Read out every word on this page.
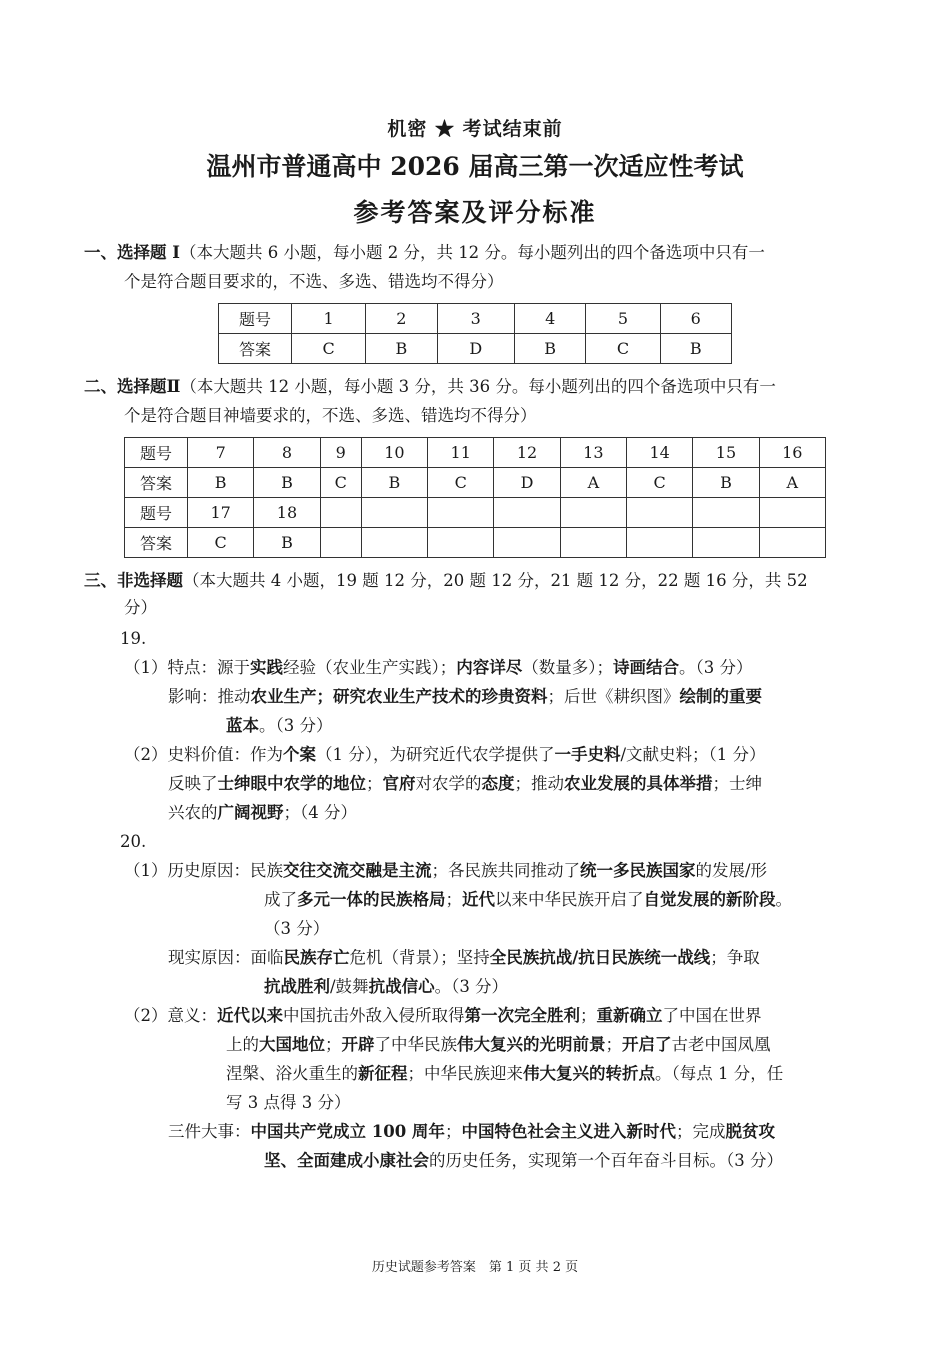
机密 ★ 考试结束前
温州市普通高中 2026 届高三第一次适应性考试
参考答案及评分标准
一、选择题 I（本大题共 6 小题，每小题 2 分，共 12 分。每小题列出的四个备选项中只有一
个是符合题目要求的，不选、多选、错选均不得分）
题号	1	2	3	4	5	6
答案	C	B	D	B	C	B
二、选择题Ⅱ（本大题共 12 小题，每小题 3 分，共 36 分。每小题列出的四个备选项中只有一
个是符合题目神墙要求的，不选、多选、错选均不得分）
题号	7	8	9	10	11	12	13	14	15	16
答案	B	B	C	B	C	D	A	C	B	A
题号	17	18								
答案	C	B								
三、非选择题（本大题共 4 小题，19 题 12 分，20 题 12 分，21 题 12 分，22 题 16 分，共 52
分）
19.
（1）特点：源于实践经验（农业生产实践）；内容详尽（数量多）；诗画结合。（3 分）
影响：推动农业生产；研究农业生产技术的珍贵资料；后世《耕织图》绘制的重要
蓝本。（3 分）
（2）史料价值：作为个案（1 分），为研究近代农学提供了一手史料/文献史料；（1 分）
反映了士绅眼中农学的地位；官府对农学的态度；推动农业发展的具体举措；士绅
兴农的广阔视野；（4 分）
20.
（1）历史原因：民族交往交流交融是主流；各民族共同推动了统一多民族国家的发展/形
成了多元一体的民族格局；近代以来中华民族开启了自觉发展的新阶段。
（3 分）
现实原因：面临民族存亡危机（背景）；坚持全民族抗战/抗日民族统一战线；争取
抗战胜利/鼓舞抗战信心。（3 分）
（2）意义：近代以来中国抗击外敌入侵所取得第一次完全胜利；重新确立了中国在世界
上的大国地位；开辟了中华民族伟大复兴的光明前景；开启了古老中国凤凰
涅槃、浴火重生的新征程；中华民族迎来伟大复兴的转折点。（每点 1 分，任
写 3 点得 3 分）
三件大事：中国共产党成立 100 周年；中国特色社会主义进入新时代；完成脱贫攻
坚、全面建成小康社会的历史任务，实现第一个百年奋斗目标。（3 分）
历史试题参考答案　第 1 页 共 2 页
